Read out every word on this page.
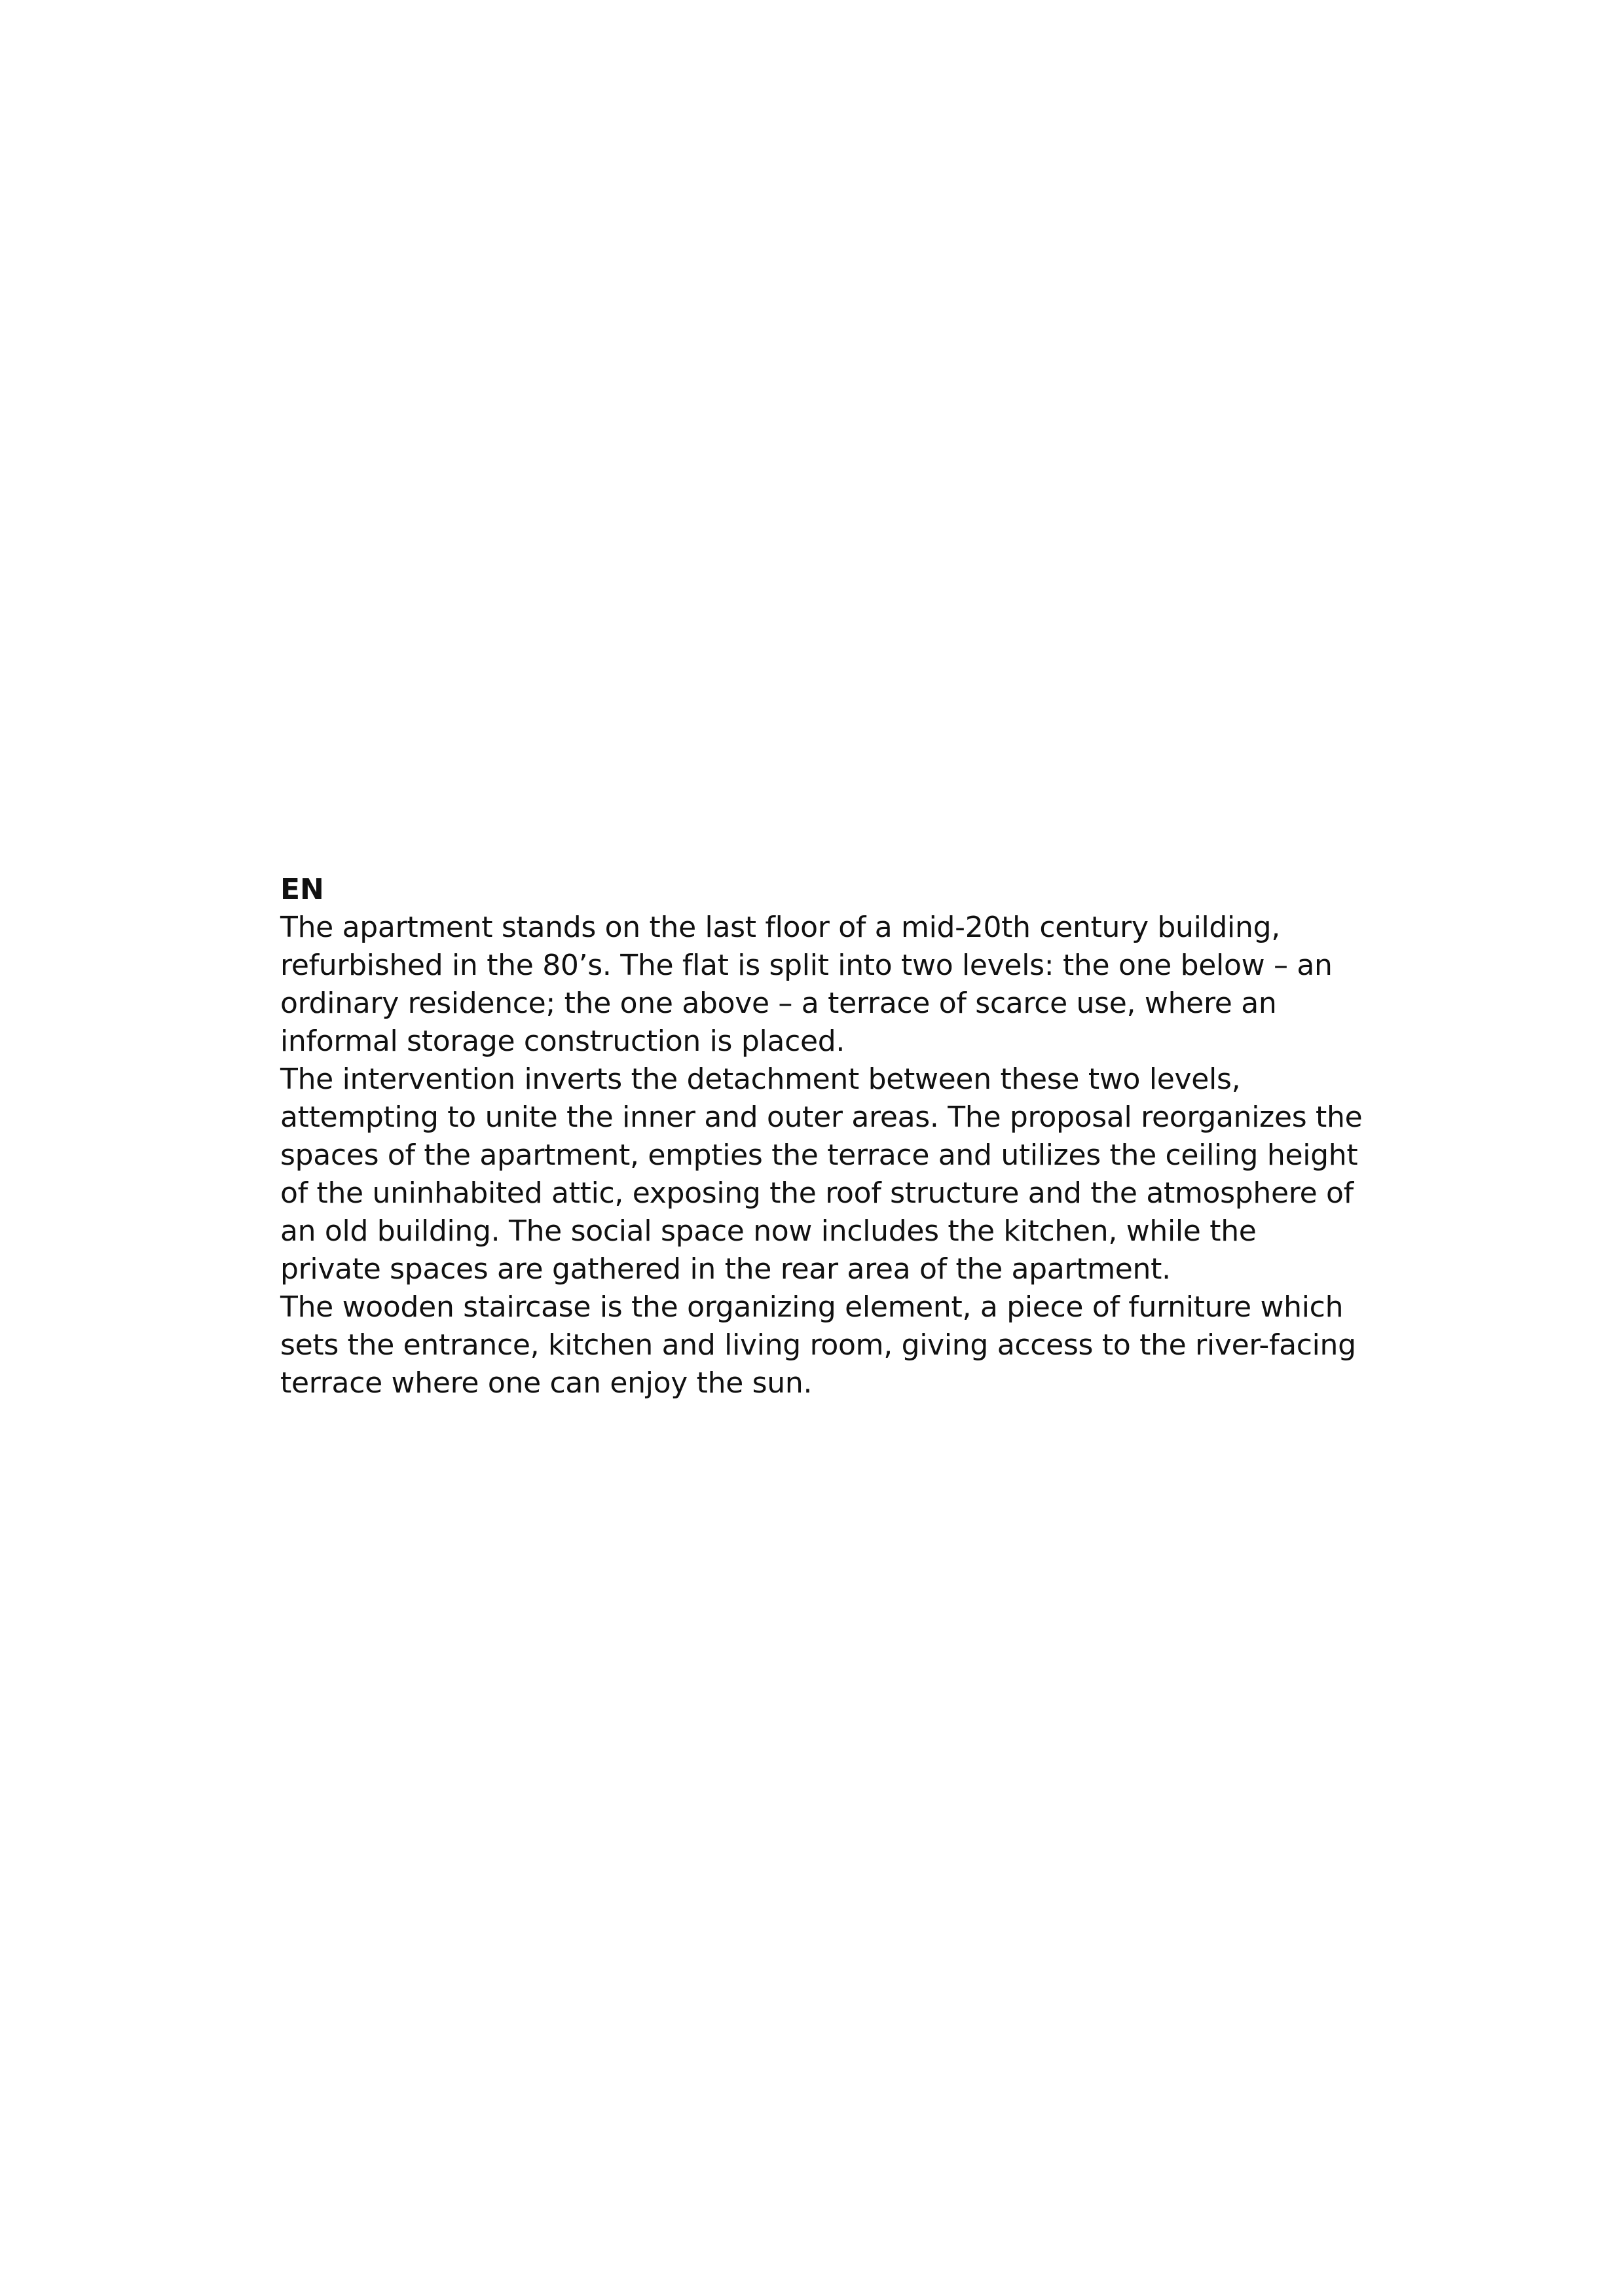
EN

The apartment stands on the last floor of a mid-20th century building,
refurbished in the 80’s. The flat is split into two levels: the one below – an
ordinary residence; the one above – a terrace of scarce use, where an
informal storage construction is placed.

The intervention inverts the detachment between these two levels,
attempting to unite the inner and outer areas. The proposal reorganizes the
spaces of the apartment, empties the terrace and utilizes the ceiling height
of the uninhabited attic, exposing the roof structure and the atmosphere of
an old building. The social space now includes the kitchen, while the
private spaces are gathered in the rear area of the apartment.

The wooden staircase is the organizing element, a piece of furniture which
sets the entrance, kitchen and living room, giving access to the river-facing
terrace where one can enjoy the sun.
